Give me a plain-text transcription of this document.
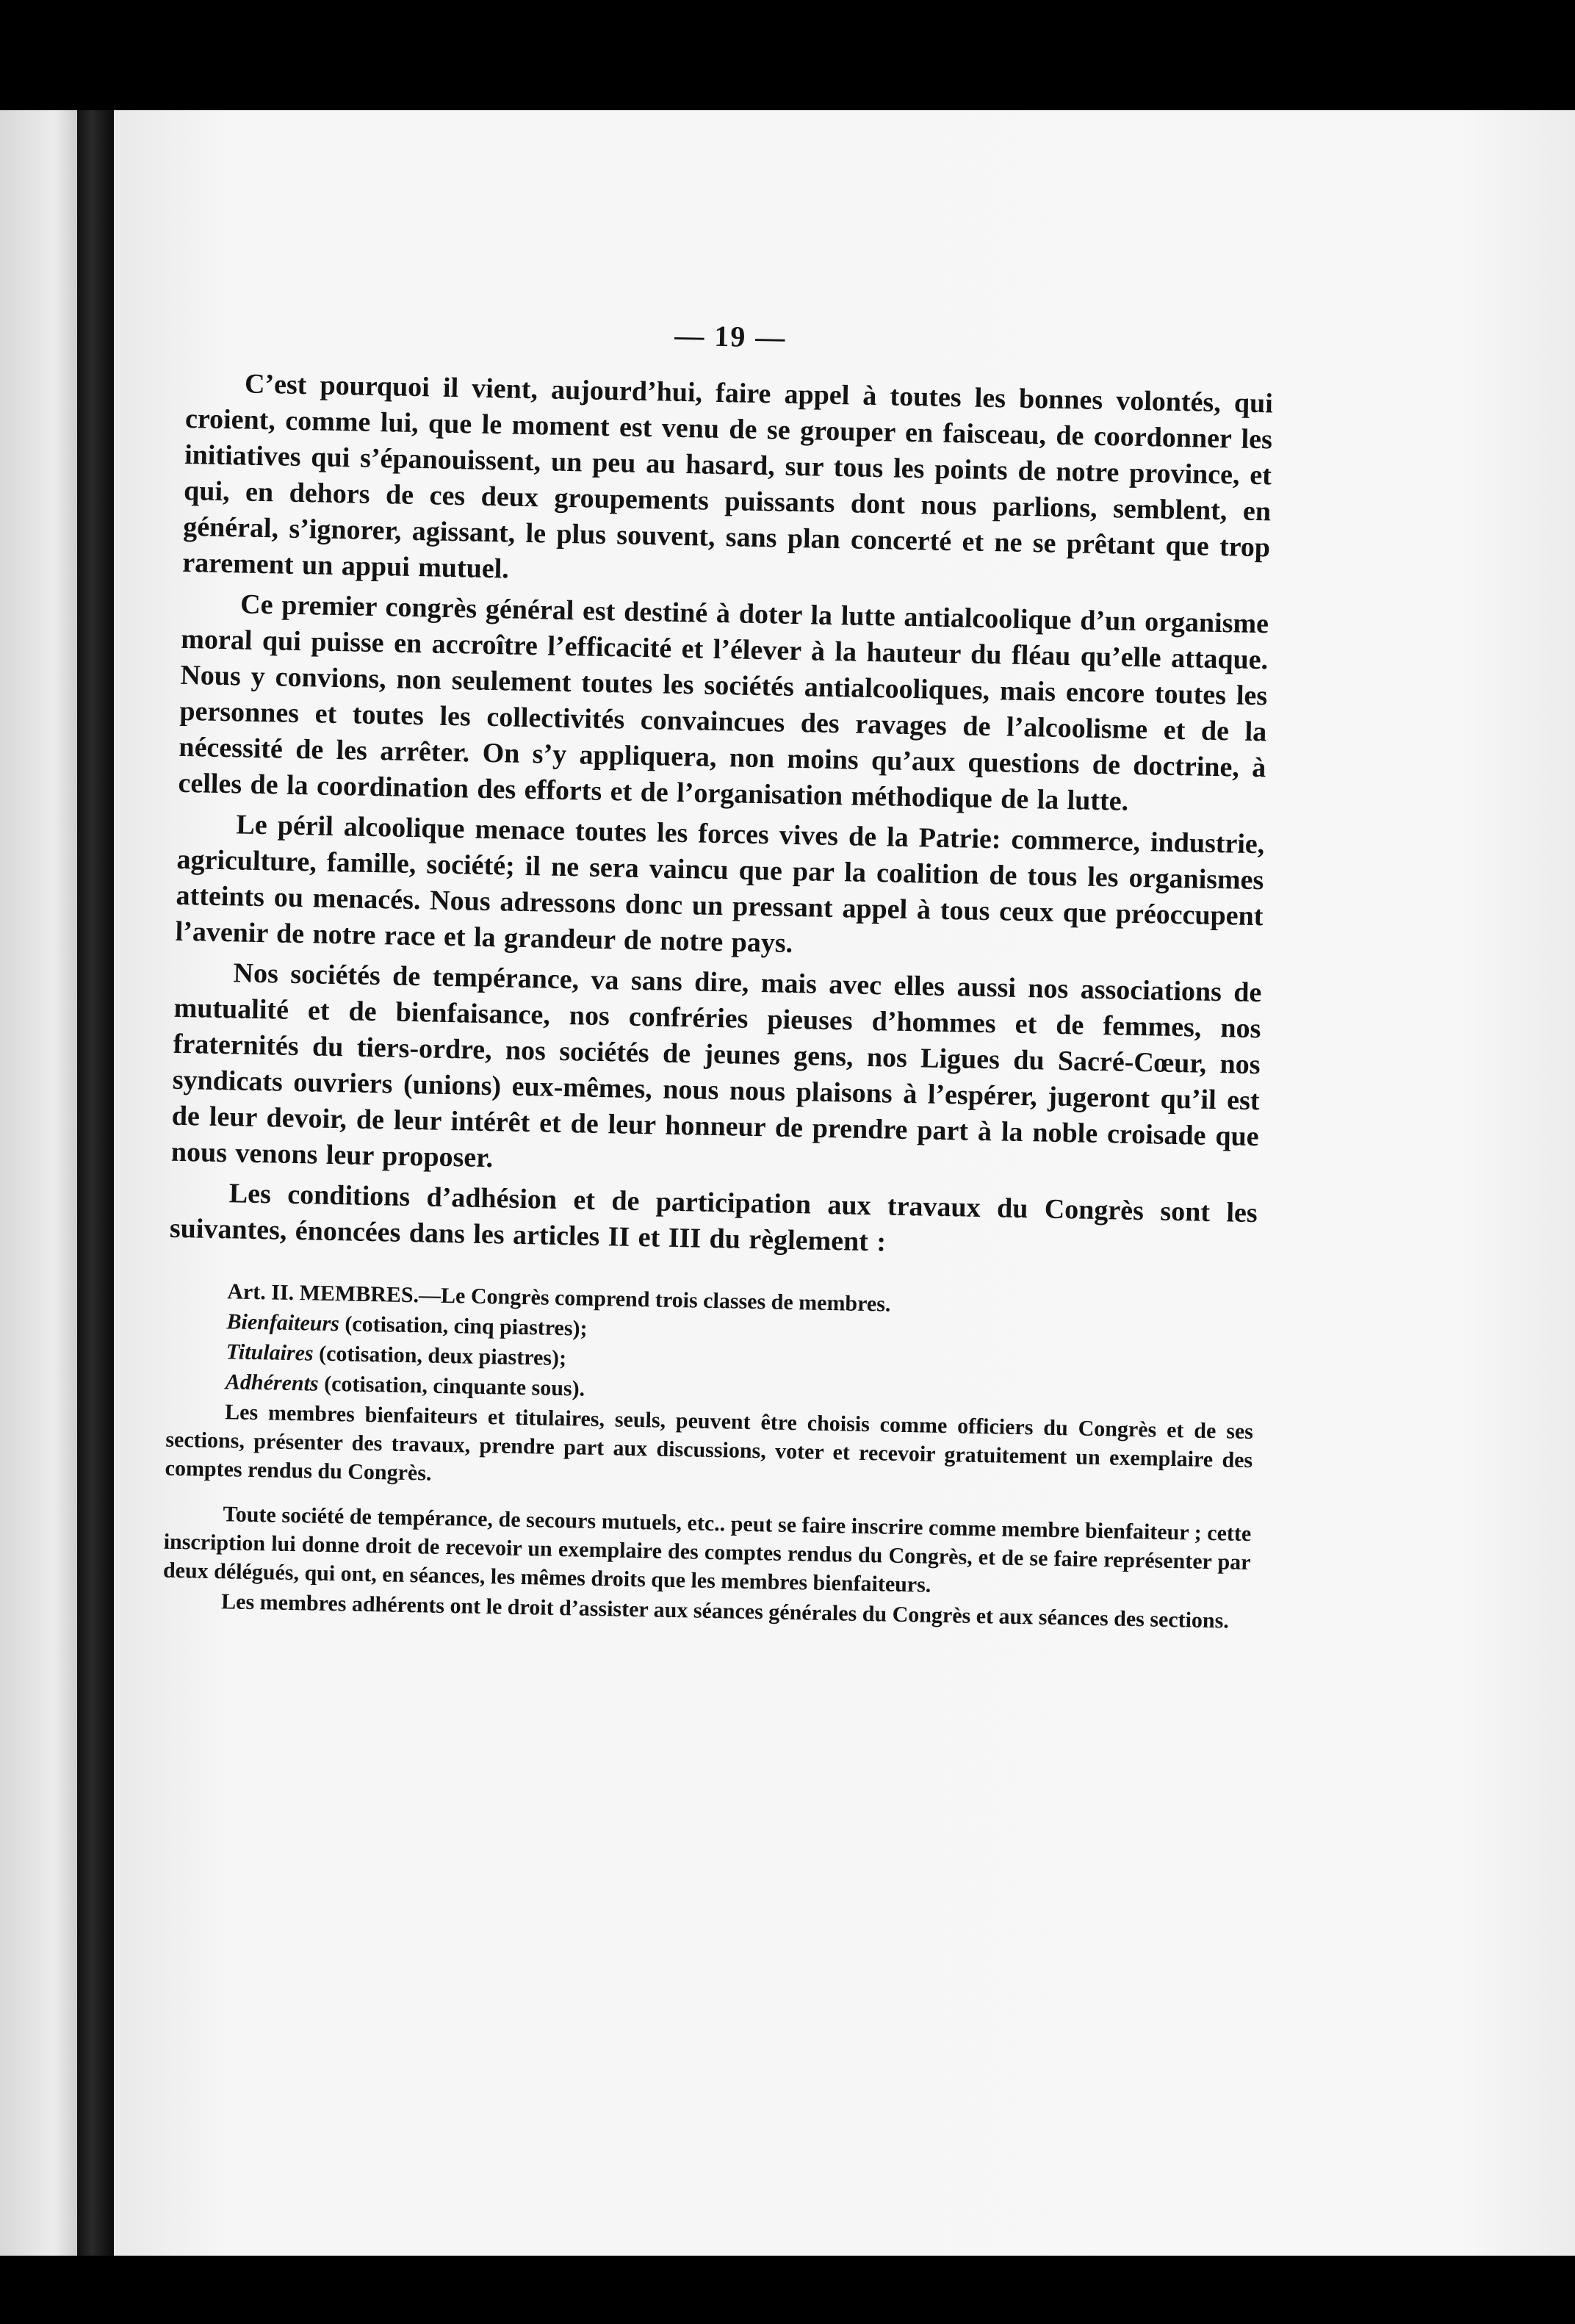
— 19 —

C’est pourquoi il vient, aujourd’hui, faire appel à toutes les bonnes volontés, qui croient, comme lui, que le moment est venu de se grouper en faisceau, de coordonner les initiatives qui s’épanouissent, un peu au hasard, sur tous les points de notre province, et qui, en dehors de ces deux groupements puissants dont nous parlions, semblent, en général, s’ignorer, agissant, le plus souvent, sans plan concerté et ne se prêtant que trop rarement un appui mutuel.

Ce premier congrès général est destiné à doter la lutte antialcoolique d’un organisme moral qui puisse en accroître l’efficacité et l’élever à la hauteur du fléau qu’elle attaque. Nous y convions, non seulement toutes les sociétés antialcooliques, mais encore toutes les personnes et toutes les collectivités convaincues des ravages de l’alcoolisme et de la nécessité de les arrêter. On s’y appliquera, non moins qu’aux questions de doctrine, à celles de la coordination des efforts et de l’organisation méthodique de la lutte.

Le péril alcoolique menace toutes les forces vives de la Patrie: commerce, industrie, agriculture, famille, société; il ne sera vaincu que par la coalition de tous les organismes atteints ou menacés. Nous adressons donc un pressant appel à tous ceux que préoccupent l’avenir de notre race et la grandeur de notre pays.

Nos sociétés de tempérance, va sans dire, mais avec elles aussi nos associations de mutualité et de bienfaisance, nos confréries pieuses d’hommes et de femmes, nos fraternités du tiers-ordre, nos sociétés de jeunes gens, nos Ligues du Sacré-Cœur, nos syndicats ouvriers (unions) eux-mêmes, nous nous plaisons à l’espérer, jugeront qu’il est de leur devoir, de leur intérêt et de leur honneur de prendre part à la noble croisade que nous venons leur proposer.

Les conditions d’adhésion et de participation aux travaux du Congrès sont les suivantes, énoncées dans les articles II et III du règlement :

Art. II. MEMBRES.—Le Congrès comprend trois classes de membres.

Bienfaiteurs (cotisation, cinq piastres);

Titulaires (cotisation, deux piastres);

Adhérents (cotisation, cinquante sous).

Les membres bienfaiteurs et titulaires, seuls, peuvent être choisis comme officiers du Congrès et de ses sections, présenter des travaux, prendre part aux discussions, voter et recevoir gratuitement un exemplaire des comptes rendus du Congrès.

Toute société de tempérance, de secours mutuels, etc.. peut se faire inscrire comme membre bienfaiteur ; cette inscription lui donne droit de recevoir un exemplaire des comptes rendus du Congrès, et de se faire représenter par deux délégués, qui ont, en séances, les mêmes droits que les membres bienfaiteurs.

Les membres adhérents ont le droit d’assister aux séances générales du Congrès et aux séances des sections.
